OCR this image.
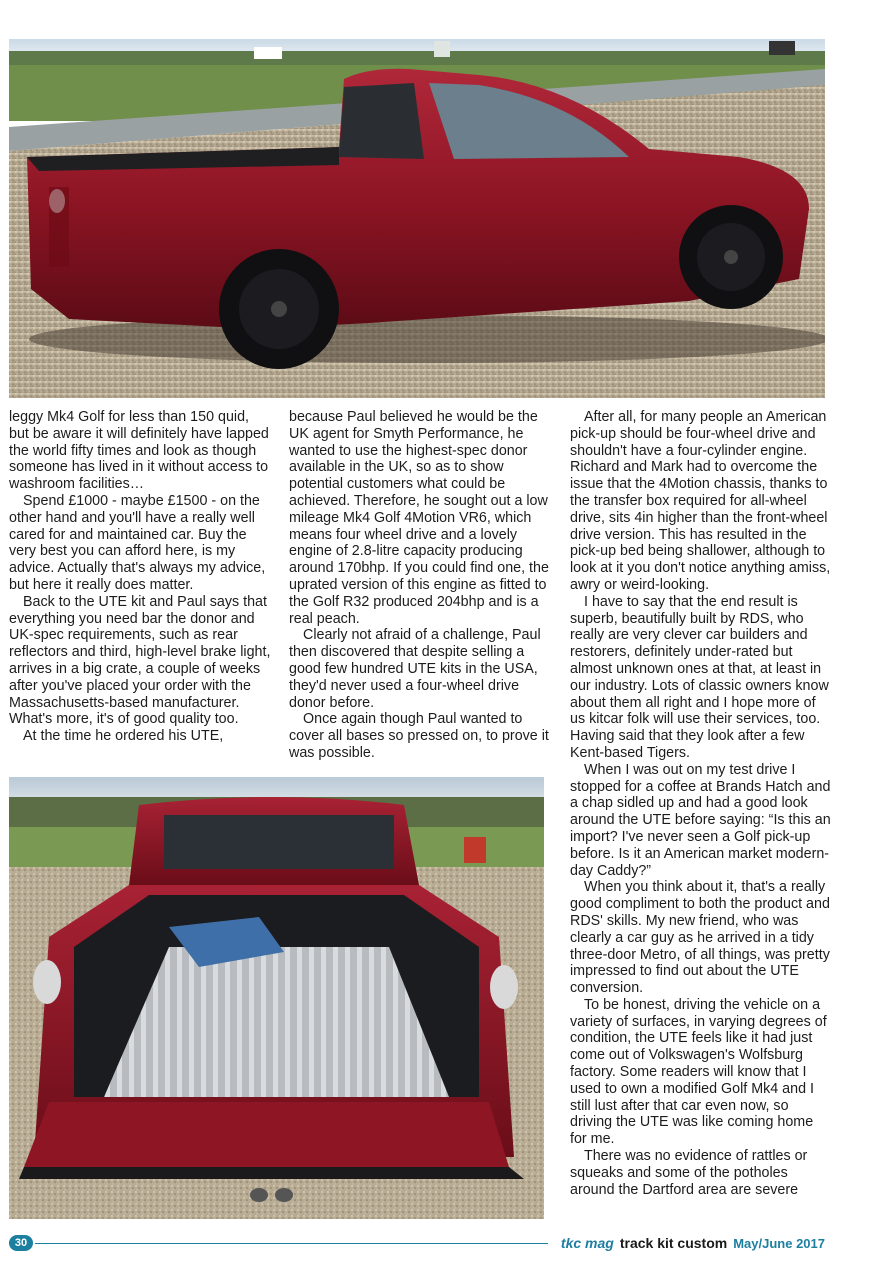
leggy Mk4 Golf for less than 150 quid, but be aware it will definitely have lapped the world fifty times and look as though someone has lived in it without access to washroom facilities…

Spend £1000 - maybe £1500 - on the other hand and you'll have a really well cared for and maintained car. Buy the very best you can afford here, is my advice. Actually that's always my advice, but here it really does matter.

Back to the UTE kit and Paul says that everything you need bar the donor and UK-spec requirements, such as rear reflectors and third, high-level brake light, arrives in a big crate, a couple of weeks after you've placed your order with the Massachusetts-based manufacturer. What's more, it's of good quality too.

At the time he ordered his UTE,

because Paul believed he would be the UK agent for Smyth Performance, he wanted to use the highest-spec donor available in the UK, so as to show potential customers what could be achieved. Therefore, he sought out a low mileage Mk4 Golf 4Motion VR6, which means four wheel drive and a lovely engine of 2.8-litre capacity producing around 170bhp. If you could find one, the uprated version of this engine as fitted to the Golf R32 produced 204bhp and is a real peach.

Clearly not afraid of a challenge, Paul then discovered that despite selling a good few hundred UTE kits in the USA, they'd never used a four-wheel drive donor before.

Once again though Paul wanted to cover all bases so pressed on, to prove it was possible.

After all, for many people an American pick-up should be four-wheel drive and shouldn't have a four-cylinder engine. Richard and Mark had to overcome the issue that the 4Motion chassis, thanks to the transfer box required for all-wheel drive, sits 4in higher than the front-wheel drive version. This has resulted in the pick-up bed being shallower, although to look at it you don't notice anything amiss, awry or weird-looking.

I have to say that the end result is superb, beautifully built by RDS, who really are very clever car builders and restorers, definitely under-rated but almost unknown ones at that, at least in our industry. Lots of classic owners know about them all right and I hope more of us kitcar folk will use their services, too. Having said that they look after a few Kent-based Tigers.

When I was out on my test drive I stopped for a coffee at Brands Hatch and a chap sidled up and had a good look around the UTE before saying: “Is this an import? I've never seen a Golf pick-up before. Is it an American market modern-day Caddy?”

When you think about it, that's a really good compliment to both the product and RDS' skills. My new friend, who was clearly a car guy as he arrived in a tidy three-door Metro, of all things, was pretty impressed to find out about the UTE conversion.

To be honest, driving the vehicle on a variety of surfaces, in varying degrees of condition, the UTE feels like it had just come out of Volkswagen's Wolfsburg factory. Some readers will know that I used to own a modified Golf Mk4 and I still lust after that car even now, so driving the UTE was like coming home for me.

There was no evidence of rattles or squeaks and some of the potholes around the Dartford area are severe

30	tkc mag track kit custom May/June 2017
